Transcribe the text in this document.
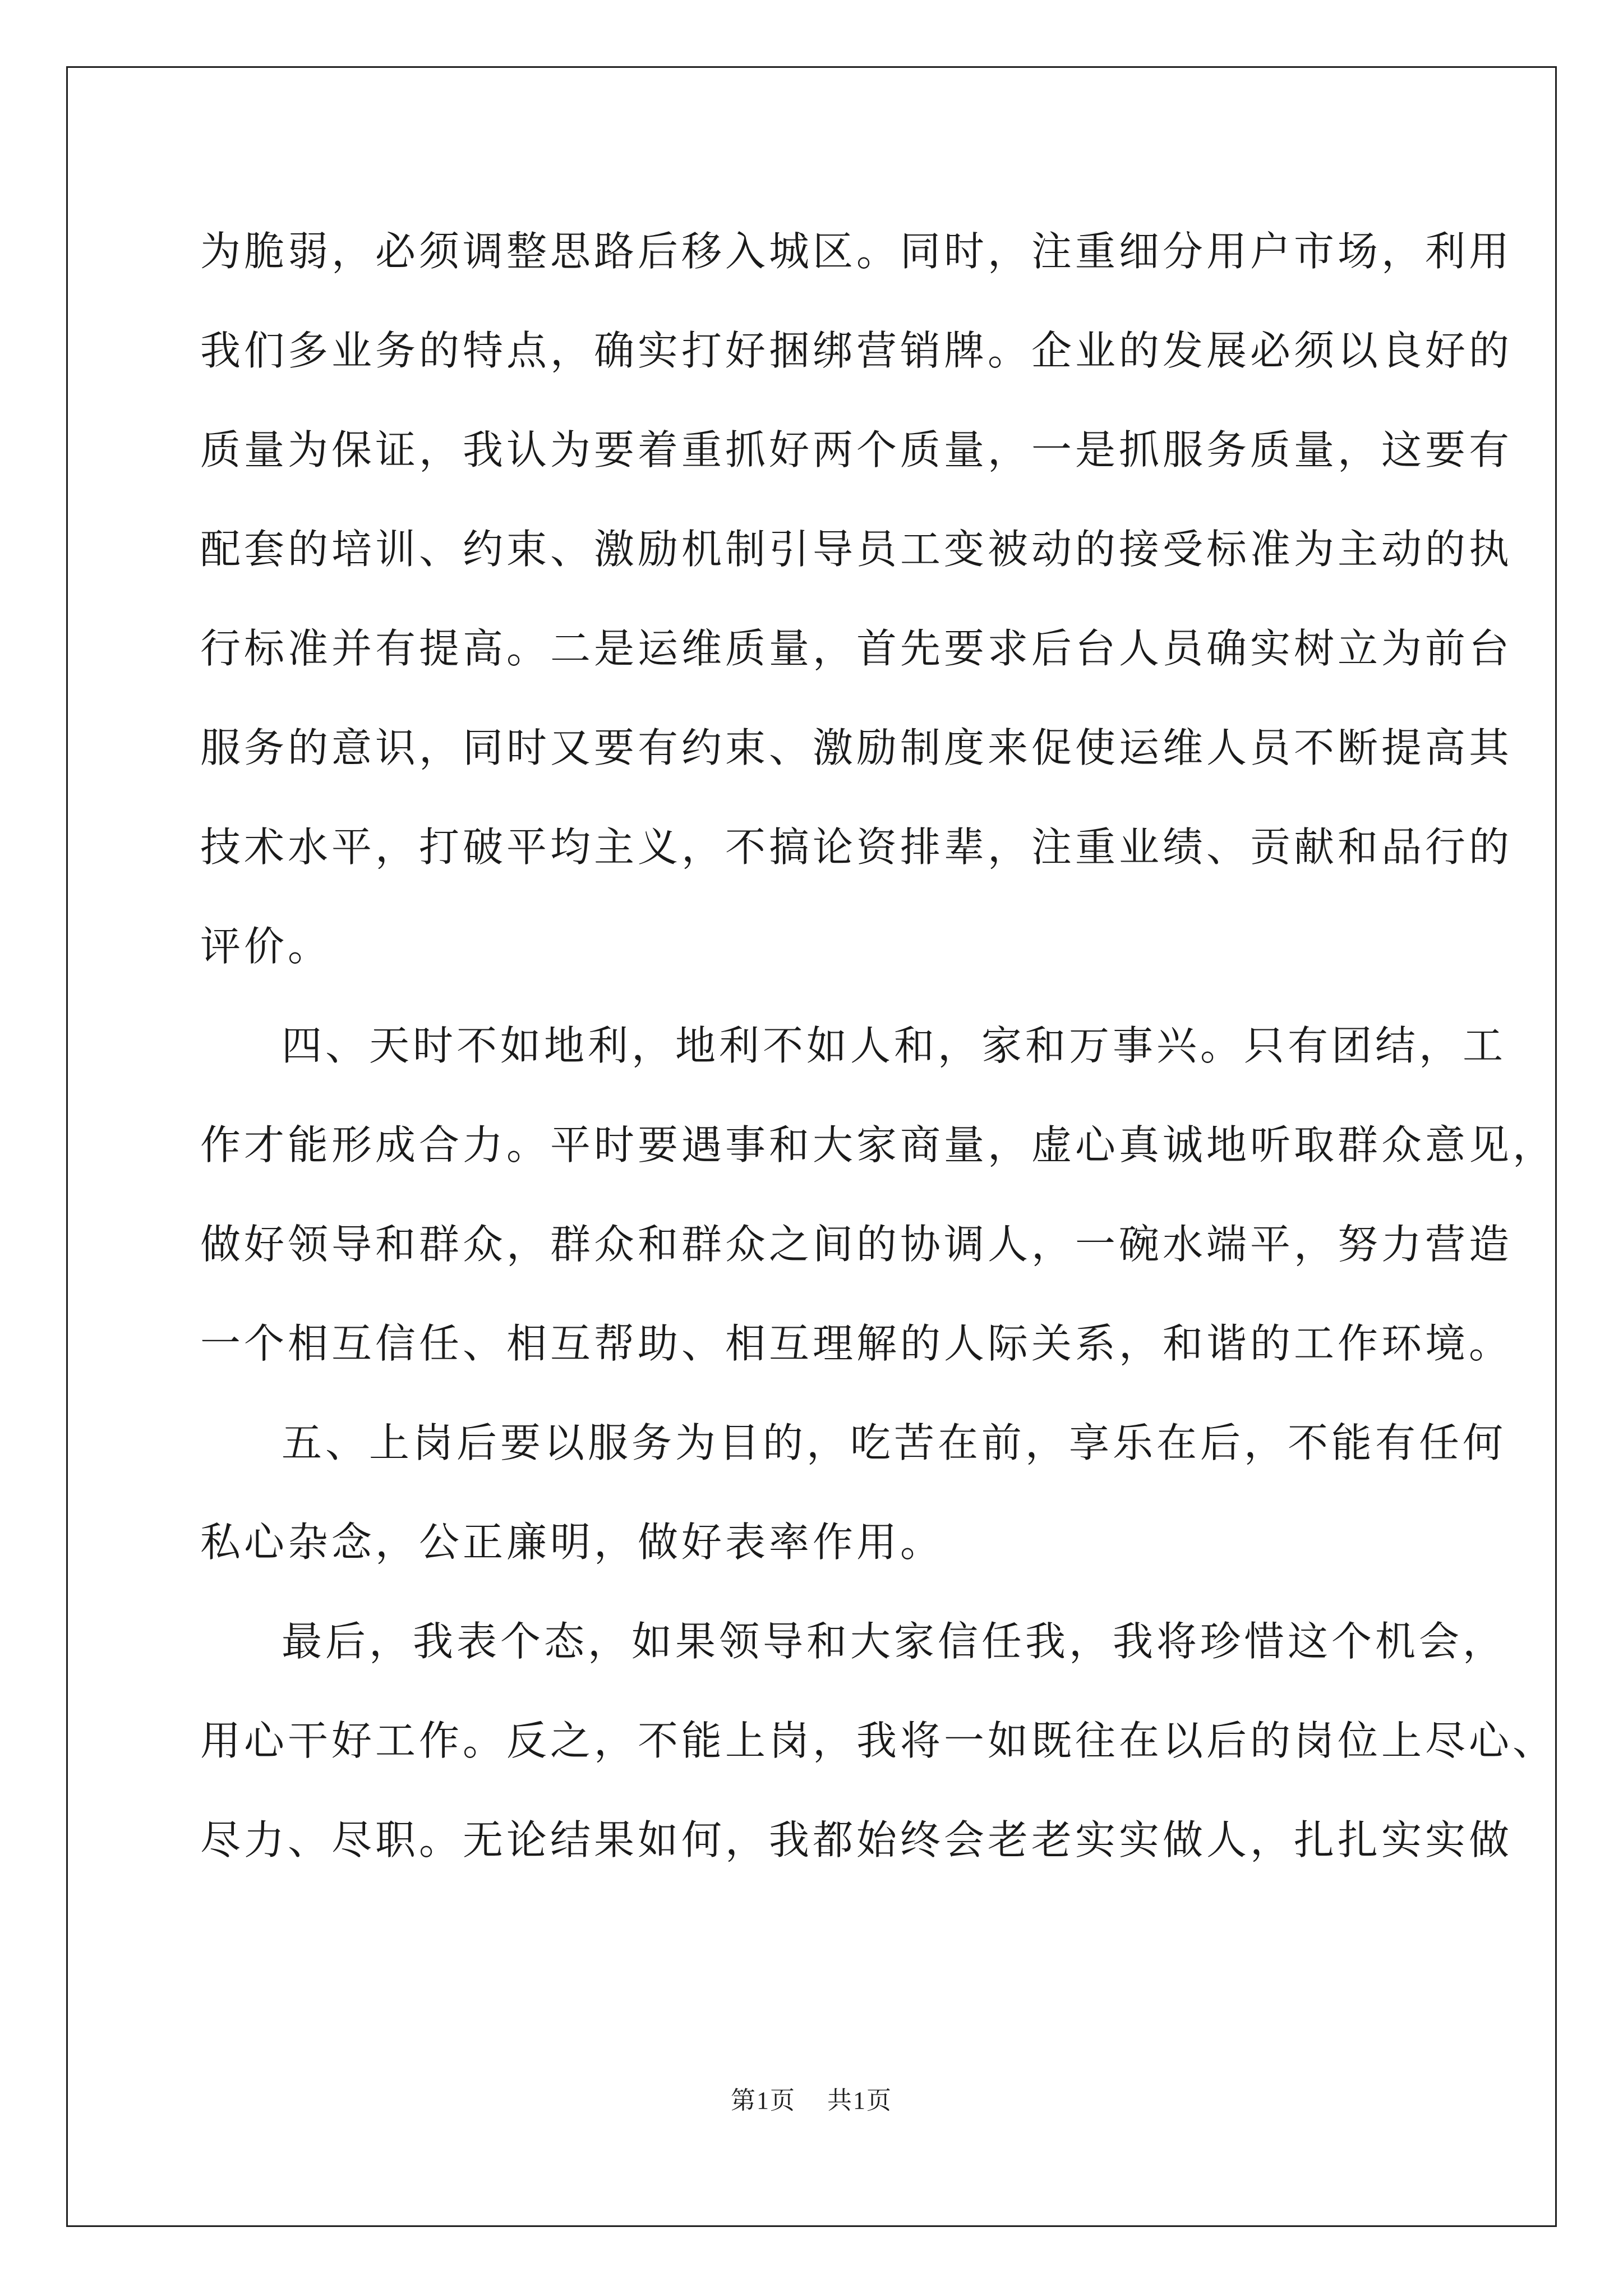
为脆弱，必须调整思路后移入城区。同时，注重细分用户市场，利用
我们多业务的特点，确实打好捆绑营销牌。企业的发展必须以良好的
质量为保证，我认为要着重抓好两个质量，一是抓服务质量，这要有
配套的培训、约束、激励机制引导员工变被动的接受标准为主动的执
行标准并有提高。二是运维质量，首先要求后台人员确实树立为前台
服务的意识，同时又要有约束、激励制度来促使运维人员不断提高其
技术水平，打破平均主义，不搞论资排辈，注重业绩、贡献和品行的
评价。
四、天时不如地利，地利不如人和，家和万事兴。只有团结，工
作才能形成合力。平时要遇事和大家商量，虚心真诚地听取群众意见，
做好领导和群众，群众和群众之间的协调人，一碗水端平，努力营造
一个相互信任、相互帮助、相互理解的人际关系，和谐的工作环境。
五、上岗后要以服务为目的，吃苦在前，享乐在后，不能有任何
私心杂念，公正廉明，做好表率作用。
最后，我表个态，如果领导和大家信任我，我将珍惜这个机会，
用心干好工作。反之，不能上岗，我将一如既往在以后的岗位上尽心、
尽力、尽职。无论结果如何，我都始终会老老实实做人，扎扎实实做
第1页 共1页
